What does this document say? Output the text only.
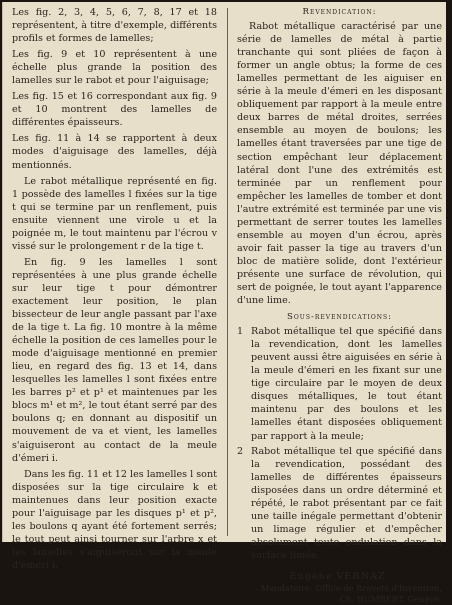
Les fig. 2, 3, 4, 5, 6, 7, 8, 17 et 18 représentent, à titre d'exemple, différents profils et formes de lamelles;

Les fig. 9 et 10 représentent à une échelle plus grande la position des lamelles sur le rabot et pour l'aiguisage;

Les fig. 15 et 16 correspondant aux fig. 9 et 10 montrent des lamelles de différentes épaisseurs.

Les fig. 11 à 14 se rapportent à deux modes d'aiguisage des lamelles, déjà mentionnés.

Le rabot métallique représenté en fig. 1 possède des lamelles l fixées sur la tige t qui se termine par un renflement, puis ensuite viennent une virole u et la poignée m, le tout maintenu par l'écrou v vissé sur le prolongement r de la tige t.

En fig. 9 les lamelles l sont représentées à une plus grande échelle sur leur tige t pour démontrer exactement leur position, le plan bissecteur de leur angle passant par l'axe de la tige t. La fig. 10 montre à la même échelle la position de ces lamelles pour le mode d'aiguisage mentionné en premier lieu, en regard des fig. 13 et 14, dans lesquelles les lamelles l sont fixées entre les barres p² et p¹ et maintenues par les blocs m¹ et m², le tout étant serré par des boulons q; en donnant au dispositif un mouvement de va et vient, les lamelles s'aiguiseront au contact de la meule d'émeri i.

Dans les fig. 11 et 12 les lamelles l sont disposées sur la tige circulaire k et maintenues dans leur position exacte pour l'aiguisage par les disques p¹ et p², les boulons q ayant été fortement serrés; le tout peut ainsi tourner sur l'arbre x et les lamelles s'aiguiseront sur la meule d'émeri i.

Revendication:

Rabot métallique caractérisé par une série de lamelles de métal à partie tranchante qui sont pliées de façon à former un angle obtus; la forme de ces lamelles permettant de les aiguiser en série à la meule d'émeri en les disposant obliquement par rapport à la meule entre deux barres de métal droites, serrées ensemble au moyen de boulons; les lamelles étant traversées par une tige de section empêchant leur déplacement latéral dont l'une des extrémités est terminée par un renflement pour empêcher les lamelles de tomber et dont l'autre extrémité est terminée par une vis permettant de serrer toutes les lamelles ensemble au moyen d'un écrou, après avoir fait passer la tige au travers d'un bloc de matière solide, dont l'extérieur présente une surface de révolution, qui sert de poignée, le tout ayant l'apparence d'une lime.

Sous-revendications:
1 Rabot métallique tel que spécifié dans la revendication, dont les lamelles peuvent aussi être aiguisées en série à la meule d'émeri en les fixant sur une tige circulaire par le moyen de deux disques métalliques, le tout étant maintenu par des boulons et les lamelles étant disposées obliquement par rapport à la meule;
2 Rabot métallique tel que spécifié dans la revendication, possédant des lamelles de différentes épaisseurs disposées dans un ordre déterminé et répété, le rabot présentant par ce fait une taille inégale permettant d'obtenir un limage régulier et d'empêcher absolument toute ondulation dans la surface limée.
Eugène VERNAZ.
Mandataire: Office de Brevets d'Invention,
Ch. HUMBERT, Genève.
